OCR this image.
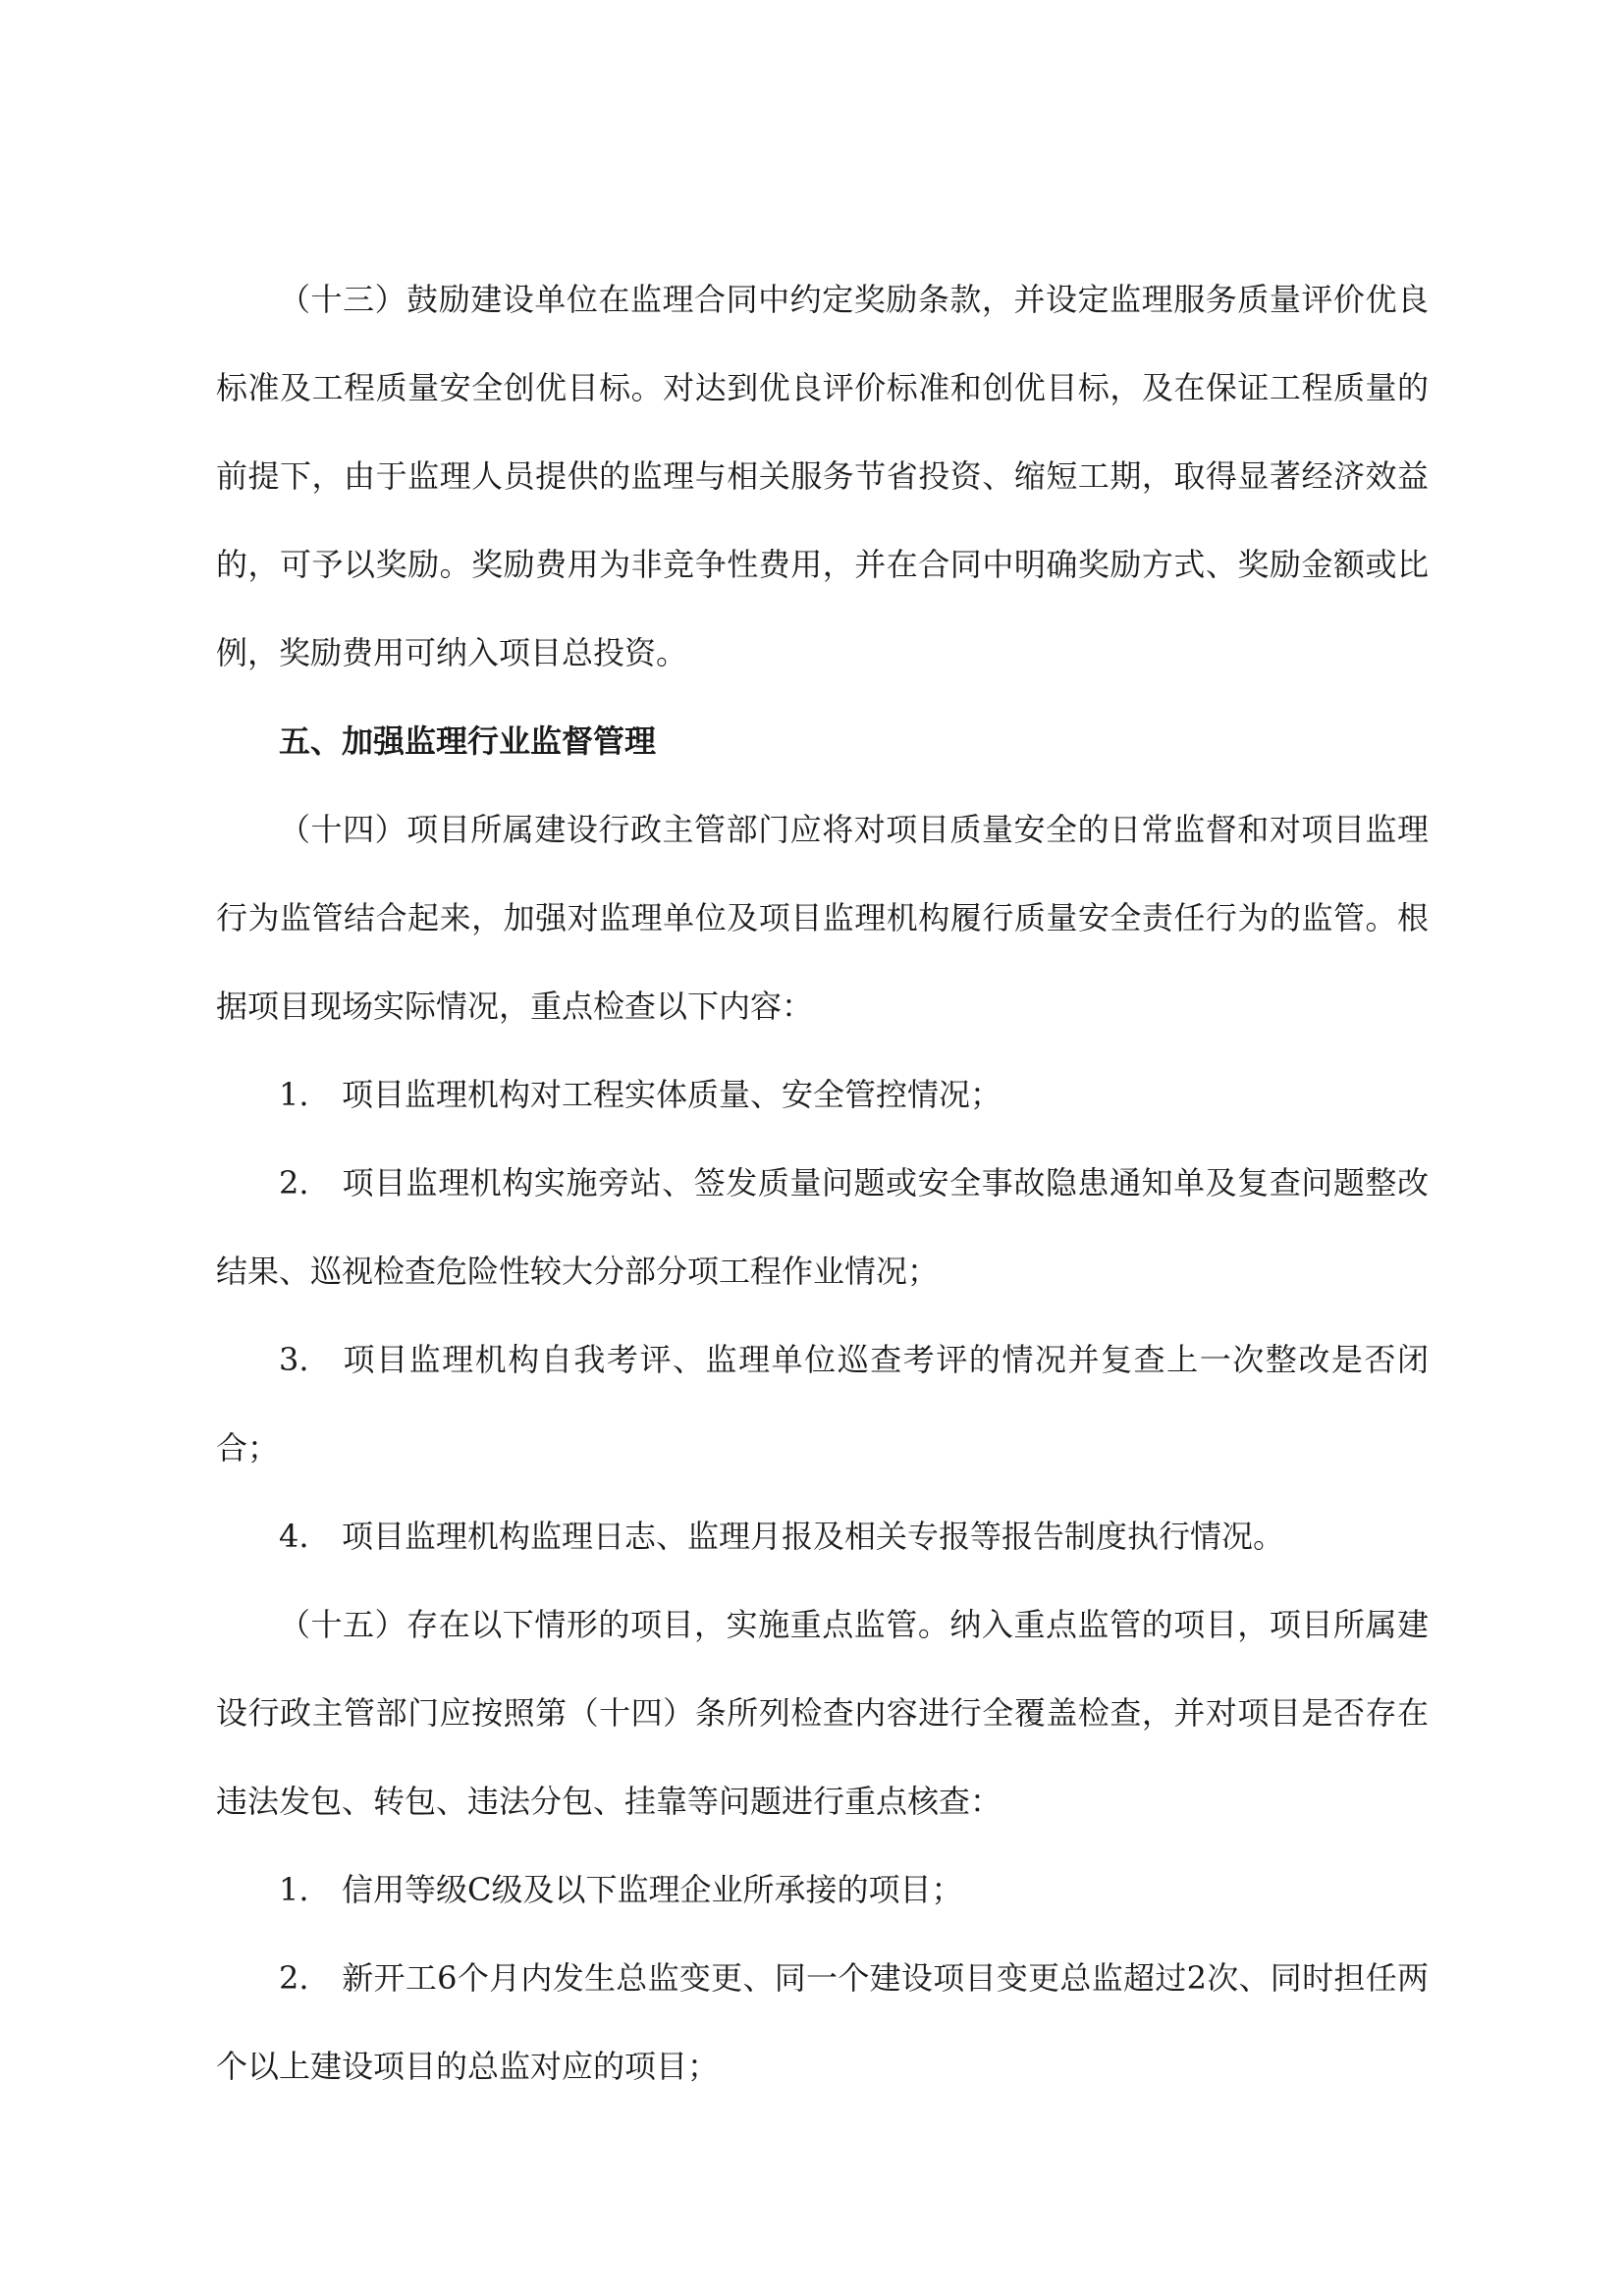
（十三）鼓励建设单位在监理合同中约定奖励条款，并设定监理服务质量评价优良标准及工程质量安全创优目标。对达到优良评价标准和创优目标，及在保证工程质量的前提下，由于监理人员提供的监理与相关服务节省投资、缩短工期，取得显著经济效益的，可予以奖励。奖励费用为非竞争性费用，并在合同中明确奖励方式、奖励金额或比例，奖励费用可纳入项目总投资。

五、加强监理行业监督管理

（十四）项目所属建设行政主管部门应将对项目质量安全的日常监督和对项目监理行为监管结合起来，加强对监理单位及项目监理机构履行质量安全责任行为的监管。根据项目现场实际情况，重点检查以下内容：

1. 项目监理机构对工程实体质量、安全管控情况；

2. 项目监理机构实施旁站、签发质量问题或安全事故隐患通知单及复查问题整改结果、巡视检查危险性较大分部分项工程作业情况；

3. 项目监理机构自我考评、监理单位巡查考评的情况并复查上一次整改是否闭合；

4. 项目监理机构监理日志、监理月报及相关专报等报告制度执行情况。

（十五）存在以下情形的项目，实施重点监管。纳入重点监管的项目，项目所属建设行政主管部门应按照第（十四）条所列检查内容进行全覆盖检查，并对项目是否存在违法发包、转包、违法分包、挂靠等问题进行重点核查：

1. 信用等级C级及以下监理企业所承接的项目；

2. 新开工6个月内发生总监变更、同一个建设项目变更总监超过2次、同时担任两个以上建设项目的总监对应的项目；
